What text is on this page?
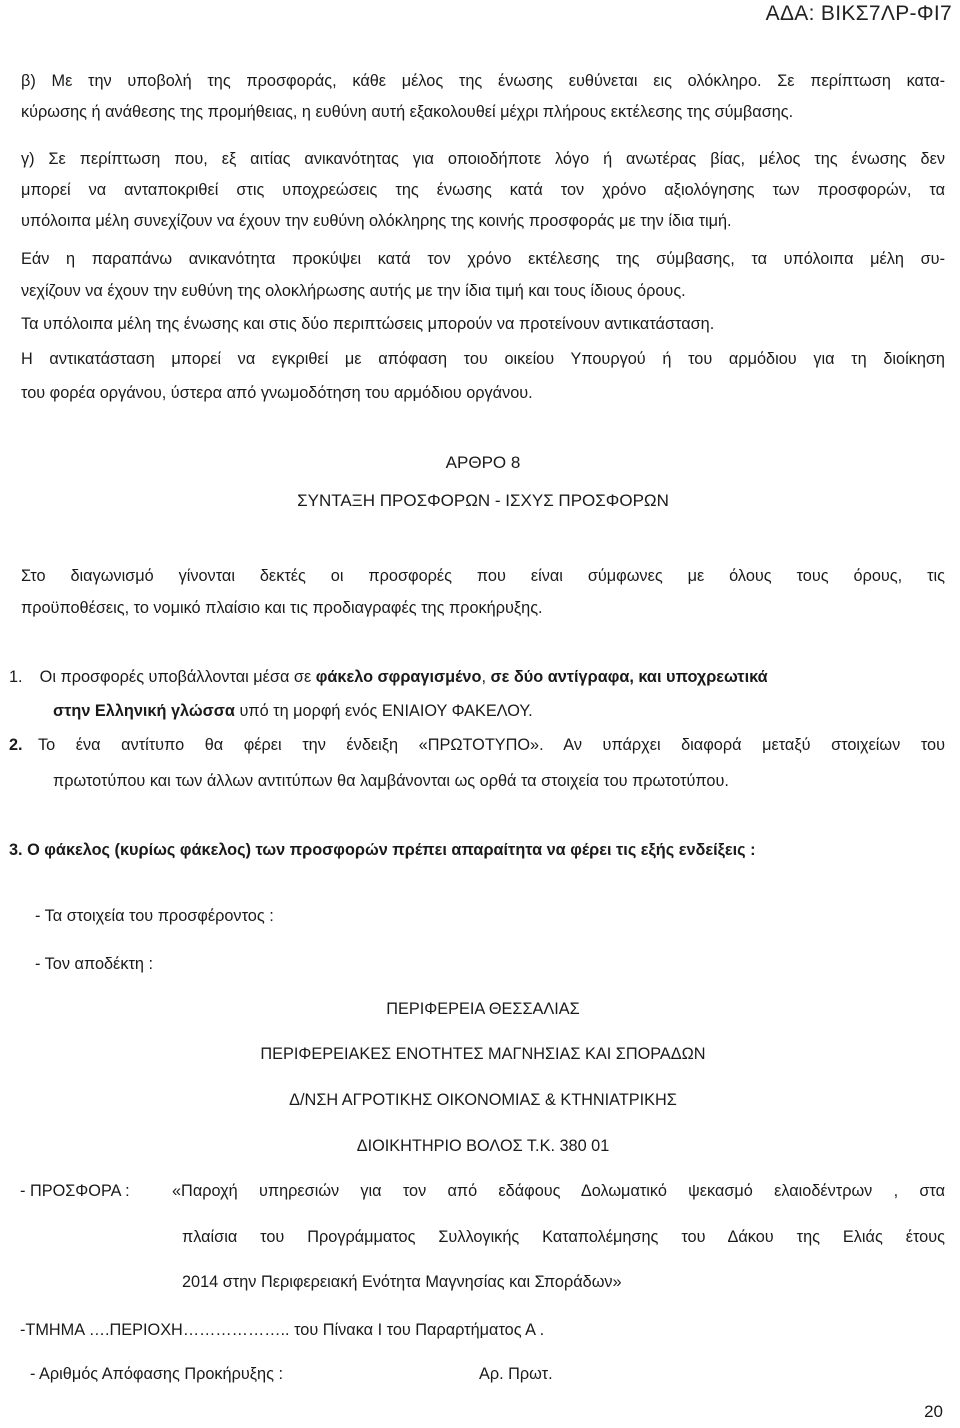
ΑΔΑ: ΒΙΚΣ7ΛΡ-ΦΙ7
β) Με την υποβολή της προσφοράς, κάθε μέλος της ένωσης ευθύνεται εις ολόκληρο. Σε περίπτωση κατα-
κύρωσης ή ανάθεσης της προμήθειας, η ευθύνη αυτή εξακολουθεί μέχρι πλήρους εκτέλεσης της σύμβασης.
γ) Σε περίπτωση που, εξ αιτίας ανικανότητας για οποιοδήποτε λόγο ή ανωτέρας βίας, μέλος της ένωσης δεν
μπορεί να ανταποκριθεί στις υποχρεώσεις της ένωσης κατά τον χρόνο αξιολόγησης των προσφορών, τα
υπόλοιπα μέλη συνεχίζουν να έχουν την ευθύνη ολόκληρης της κοινής προσφοράς με την ίδια τιμή.
Εάν η παραπάνω ανικανότητα προκύψει κατά τον χρόνο εκτέλεσης της σύμβασης, τα υπόλοιπα μέλη συ-
νεχίζουν να έχουν την ευθύνη της ολοκλήρωσης αυτής με την ίδια τιμή και τους ίδιους όρους.
Τα υπόλοιπα μέλη της ένωσης και στις δύο περιπτώσεις μπορούν να προτείνουν αντικατάσταση.
Η αντικατάσταση μπορεί να εγκριθεί με απόφαση του οικείου Υπουργού ή του αρμόδιου για τη διοίκηση
του φορέα οργάνου, ύστερα από γνωμοδότηση του αρμόδιου οργάνου.
ΑΡΘΡΟ 8
ΣΥΝΤΑΞΗ ΠΡΟΣΦΟΡΩΝ - ΙΣΧΥΣ ΠΡΟΣΦΟΡΩΝ
Στο διαγωνισμό γίνονται δεκτές οι προσφορές που είναι σύμφωνες με όλους τους όρους, τις
προϋποθέσεις, το νομικό πλαίσιο και τις προδιαγραφές της προκήρυξης.
1. Οι προσφορές υποβάλλονται μέσα σε φάκελο σφραγισμένο, σε δύο αντίγραφα, και υποχρεωτικά
στην Ελληνική γλώσσα υπό τη μορφή ενός ΕΝΙΑΙΟΥ ΦΑΚΕΛΟΥ.
2. Το ένα αντίτυπο θα φέρει την ένδειξη «ΠΡΩΤΟΤΥΠΟ». Αν υπάρχει διαφορά μεταξύ στοιχείων του
πρωτοτύπου και των άλλων αντιτύπων θα λαμβάνονται ως ορθά τα στοιχεία του πρωτοτύπου.
3. Ο φάκελος (κυρίως φάκελος) των προσφορών πρέπει απαραίτητα να φέρει τις εξής ενδείξεις :
- Τα στοιχεία του προσφέροντος :
- Τον αποδέκτη :
ΠΕΡΙΦΕΡΕΙΑ ΘΕΣΣΑΛΙΑΣ
ΠΕΡΙΦΕΡΕΙΑΚΕΣ ΕΝΟΤΗΤΕΣ ΜΑΓΝΗΣΙΑΣ ΚΑΙ ΣΠΟΡΑΔΩΝ
Δ/ΝΣΗ ΑΓΡΟΤΙΚΗΣ ΟΙΚΟΝΟΜΙΑΣ & ΚΤΗΝΙΑΤΡΙΚΗΣ
ΔΙΟΙΚΗΤΗΡΙΟ ΒΟΛΟΣ Τ.Κ. 380 01
- ΠΡΟΣΦΟΡΑ :	«Παροχή υπηρεσιών για τον από εδάφους Δολωματικό ψεκασμό ελαιοδέντρων , στα
πλαίσια του Προγράμματος Συλλογικής Καταπολέμησης του Δάκου της Ελιάς έτους
2014 στην Περιφερειακή Ενότητα Μαγνησίας και Σποράδων»
-ΤΜΗΜΑ ….ΠΕΡΙΟΧΗ……………….. του Πίνακα Ι του Παραρτήματος Α .
- Αριθμός Απόφασης Προκήρυξης :	Αρ. Πρωτ.
20
